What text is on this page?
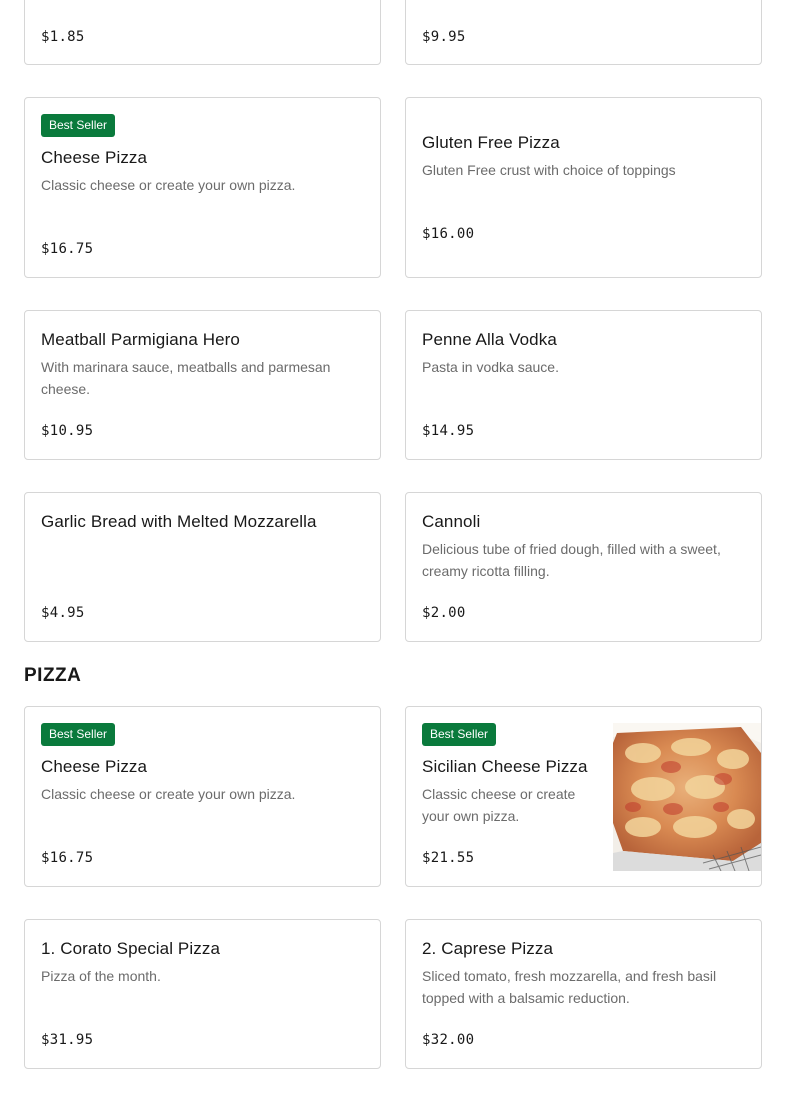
$1.85	$9.95
Best Seller
Cheese Pizza
Classic cheese or create your own pizza.
$16.75
Gluten Free Pizza
Gluten Free crust with choice of toppings
$16.00
Meatball Parmigiana Hero
With marinara sauce, meatballs and parmesan cheese.
$10.95
Penne Alla Vodka
Pasta in vodka sauce.
$14.95
Garlic Bread with Melted Mozzarella
$4.95
Cannoli
Delicious tube of fried dough, filled with a sweet, creamy ricotta filling.
$2.00
PIZZA
Best Seller
Cheese Pizza
Classic cheese or create your own pizza.
$16.75
Best Seller
Sicilian Cheese Pizza
Classic cheese or create your own pizza.
$21.55
1. Corato Special Pizza
Pizza of the month.
$31.95
2. Caprese Pizza
Sliced tomato, fresh mozzarella, and fresh basil topped with a balsamic reduction.
$32.00
